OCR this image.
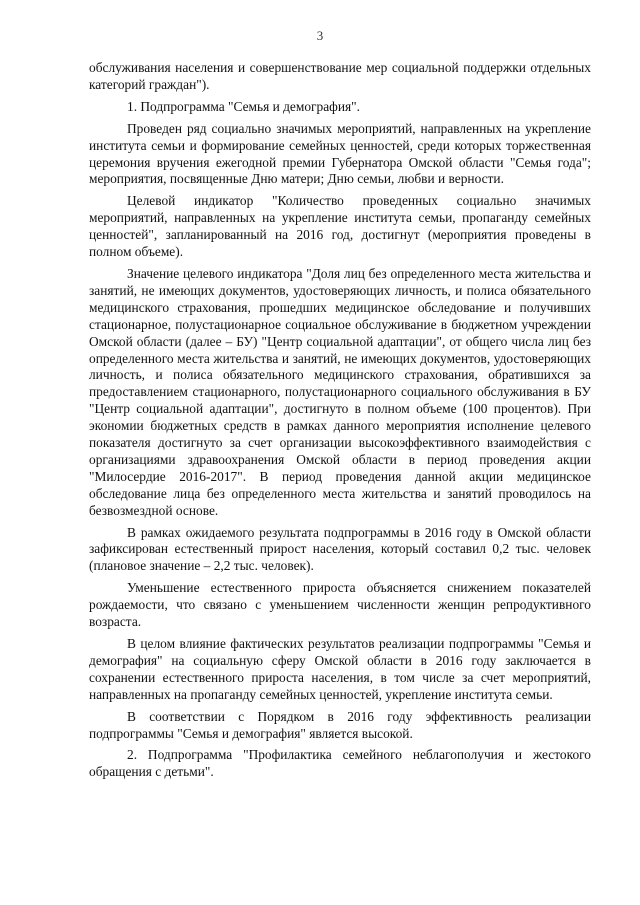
3

обслуживания населения и совершенствование мер социальной поддержки отдельных категорий граждан").

1. Подпрограмма "Семья и демография".

Проведен ряд социально значимых мероприятий, направленных на укрепление института семьи и формирование семейных ценностей, среди которых торжественная церемония вручения ежегодной премии Губернатора Омской области "Семья года"; мероприятия, посвященные Дню матери; Дню семьи, любви и верности.

Целевой индикатор "Количество проведенных социально значимых мероприятий, направленных на укрепление института семьи, пропаганду семейных ценностей", запланированный на 2016 год, достигнут (мероприятия проведены в полном объеме).

Значение целевого индикатора "Доля лиц без определенного места жительства и занятий, не имеющих документов, удостоверяющих личность, и полиса обязательного медицинского страхования, прошедших медицинское обследование и получивших стационарное, полустационарное социальное обслуживание в бюджетном учреждении Омской области (далее – БУ) "Центр социальной адаптации", от общего числа лиц без определенного места жительства и занятий, не имеющих документов, удостоверяющих личность, и полиса обязательного медицинского страхования, обратившихся за предоставлением стационарного, полустационарного социального обслуживания в БУ "Центр социальной адаптации", достигнуто в полном объеме (100 процентов). При экономии бюджетных средств в рамках данного мероприятия исполнение целевого показателя достигнуто за счет организации высокоэффективного взаимодействия с организациями здравоохранения Омской области в период проведения акции "Милосердие 2016-2017". В период проведения данной акции медицинское обследование лица без определенного места жительства и занятий проводилось на безвозмездной основе.

В рамках ожидаемого результата подпрограммы в 2016 году в Омской области зафиксирован естественный прирост населения, который составил 0,2 тыс. человек (плановое значение – 2,2 тыс. человек).

Уменьшение естественного прироста объясняется снижением показателей рождаемости, что связано с уменьшением численности женщин репродуктивного возраста.

В целом влияние фактических результатов реализации подпрограммы "Семья и демография" на социальную сферу Омской области в 2016 году заключается в сохранении естественного прироста населения, в том числе за счет мероприятий, направленных на пропаганду семейных ценностей, укрепление института семьи.

В соответствии с Порядком в 2016 году эффективность реализации подпрограммы "Семья и демография" является высокой.

2. Подпрограмма "Профилактика семейного неблагополучия и жестокого обращения с детьми".
